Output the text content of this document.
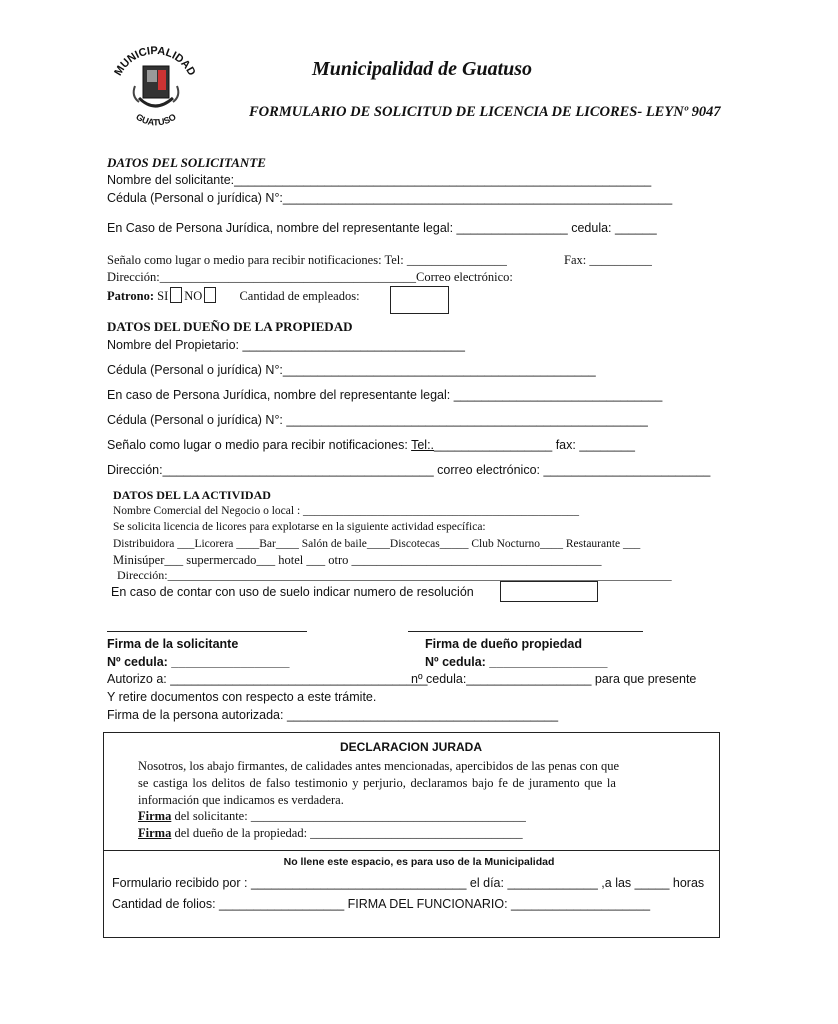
MUNICIPALIDAD
GUATUSO
Municipalidad de Guatuso
FORMULARIO DE SOLICITUD DE LICENCIA DE LICORES- LEYNº 9047
DATOS DEL SOLICITANTE
Nombre del solicitante:____________________________________________________________
Cédula (Personal o jurídica) N°:________________________________________________________
En Caso de Persona Jurídica, nombre del representante legal: ________________ cedula: ______
Señalo como lugar o medio para recibir notificaciones: Tel: ________________	Fax: __________
Dirección:_________________________________________Correo electrónico:
Patrono: SI NO	Cantidad de empleados:
DATOS DEL DUEÑO DE LA PROPIEDAD
Nombre del Propietario: ________________________________
Cédula (Personal o jurídica) N°:_____________________________________________
En caso de Persona Jurídica, nombre del representante legal: ______________________________
Cédula (Personal o jurídica) N°: ____________________________________________________
Señalo como lugar o medio para recibir notificaciones: Tel:._________________ fax: ________
Dirección:_______________________________________ correo electrónico: ________________________
DATOS DEL LA ACTIVIDAD
Nombre Comercial del Negocio o local : ________________________________________________
Se solicita licencia de licores para explotarse en la siguiente actividad específica:
Distribuidora ___Licorera ____Bar____ Salón de baile____Discotecas_____ Club Nocturno____ Restaurante ___
Minisúper___ supermercado___ hotel ___ otro ________________________________________
Dirección:____________________________________________________________________________________
En caso de contar con uso de suelo indicar numero de resolución
Firma de la solicitante
Nº cedula: _________________
Firma de dueño propiedad
Nº cedula: _________________
Autorizo a: _____________________________________
nº cedula:__________________ para que presente
Y retire documentos con respecto a este trámite.
Firma de la persona autorizada: _______________________________________
DECLARACION JURADA
Nosotros, los abajo firmantes, de calidades antes mencionadas, apercibidos de las penas con que
se castiga los delitos de falso testimonio y perjurio, declaramos bajo fe de juramento que la
información que indicamos es verdadera.
Firma del solicitante: ____________________________________________
Firma del dueño de la propiedad: __________________________________
No llene este espacio, es para uso de la Municipalidad
Formulario recibido por : _______________________________ el día: _____________ ,a las _____ horas
Cantidad de folios: __________________ FIRMA DEL FUNCIONARIO: ____________________
